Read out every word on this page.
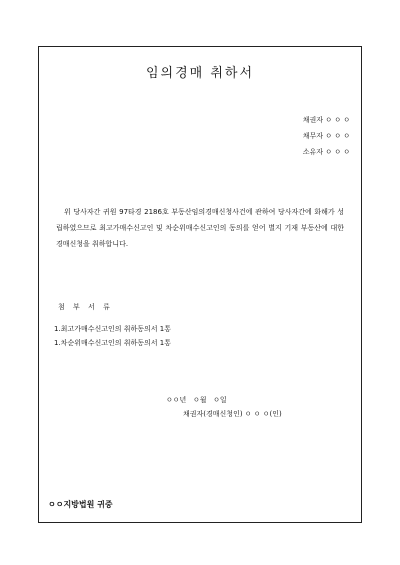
임의경매 취하서
채권자 ㅇ ㅇ ㅇ
채무자 ㅇ ㅇ ㅇ
소유자 ㅇ ㅇ ㅇ
위 당사자간 귀원 97타경 2186호 부동산임의경매신청사건에 관하여 당사자간에 화해가 성립하였으므로 최고가매수신고인 및 차순위매수신고인의 동의를 얻어 별지 기재 부동산에 대한 경매신청을 취하합니다.
첨 부 서 류
1.최고가매수신고인의 취하동의서 1통
1.차순위매수신고인의 취하동의서 1통
ㅇㅇ년   ㅇ월   ㅇ일
채권자(경매신청인) ㅇ ㅇ ㅇ(인)
ㅇㅇ지방법원 귀중
